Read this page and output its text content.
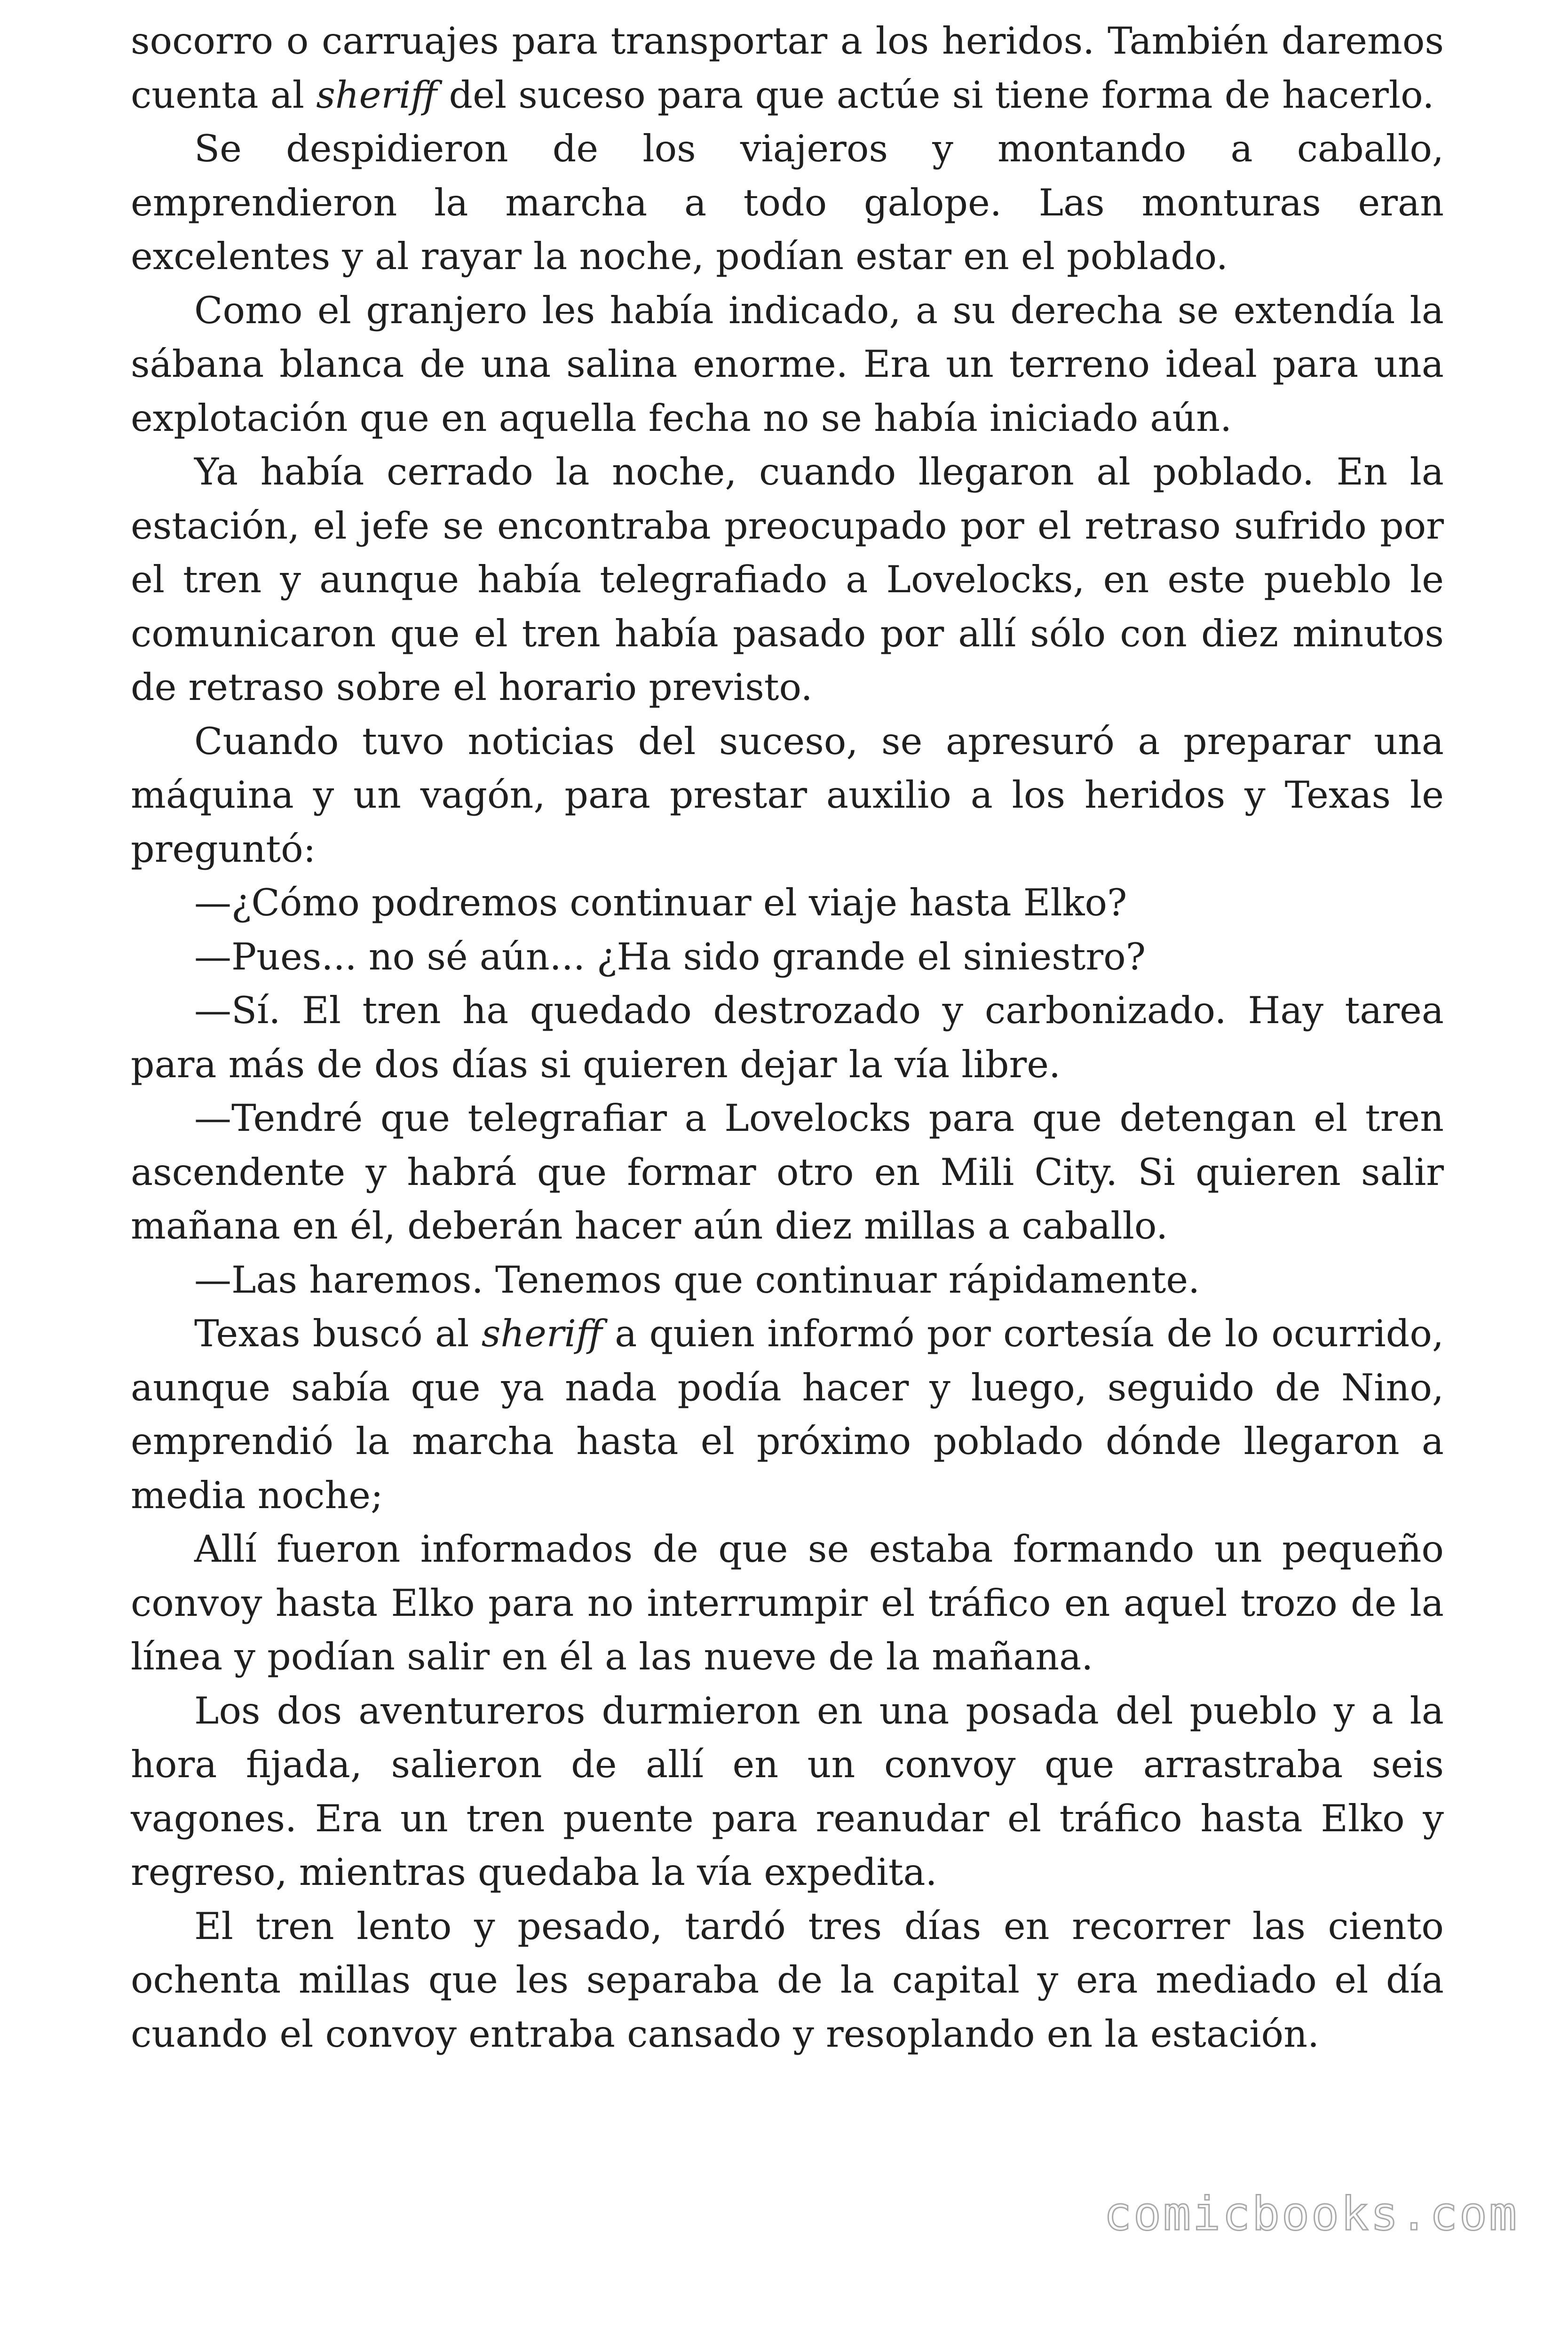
socorro o carruajes para transportar a los heridos. También daremos cuenta al sheriff del suceso para que actúe si tiene forma de hacerlo.

Se despidieron de los viajeros y montando a caballo, emprendieron la marcha a todo galope. Las monturas eran excelentes y al rayar la noche, podían estar en el poblado.

Como el granjero les había indicado, a su derecha se extendía la sábana blanca de una salina enorme. Era un terreno ideal para una explotación que en aquella fecha no se había iniciado aún.

Ya había cerrado la noche, cuando llegaron al poblado. En la estación, el jefe se encontraba preocupado por el retraso sufrido por el tren y aunque había telegrafiado a Lovelocks, en este pueblo le comunicaron que el tren había pasado por allí sólo con diez minutos de retraso sobre el horario previsto.

Cuando tuvo noticias del suceso, se apresuró a preparar una máquina y un vagón, para prestar auxilio a los heridos y Texas le preguntó:

—¿Cómo podremos continuar el viaje hasta Elko?

—Pues... no sé aún... ¿Ha sido grande el siniestro?

—Sí. El tren ha quedado destrozado y carbonizado. Hay tarea para más de dos días si quieren dejar la vía libre.

—Tendré que telegrafiar a Lovelocks para que detengan el tren ascendente y habrá que formar otro en Mili City. Si quieren salir mañana en él, deberán hacer aún diez millas a caballo.

—Las haremos. Tenemos que continuar rápidamente.

Texas buscó al sheriff a quien informó por cortesía de lo ocurrido, aunque sabía que ya nada podía hacer y luego, seguido de Nino, emprendió la marcha hasta el próximo poblado dónde llegaron a media noche;

Allí fueron informados de que se estaba formando un pequeño convoy hasta Elko para no interrumpir el tráfico en aquel trozo de la línea y podían salir en él a las nueve de la mañana.

Los dos aventureros durmieron en una posada del pueblo y a la hora fijada, salieron de allí en un convoy que arrastraba seis vagones. Era un tren puente para reanudar el tráfico hasta Elko y regreso, mientras quedaba la vía expedita.

El tren lento y pesado, tardó tres días en recorrer las ciento ochenta millas que les separaba de la capital y era mediado el día cuando el convoy entraba cansado y resoplando en la estación.

comicbooks.com
